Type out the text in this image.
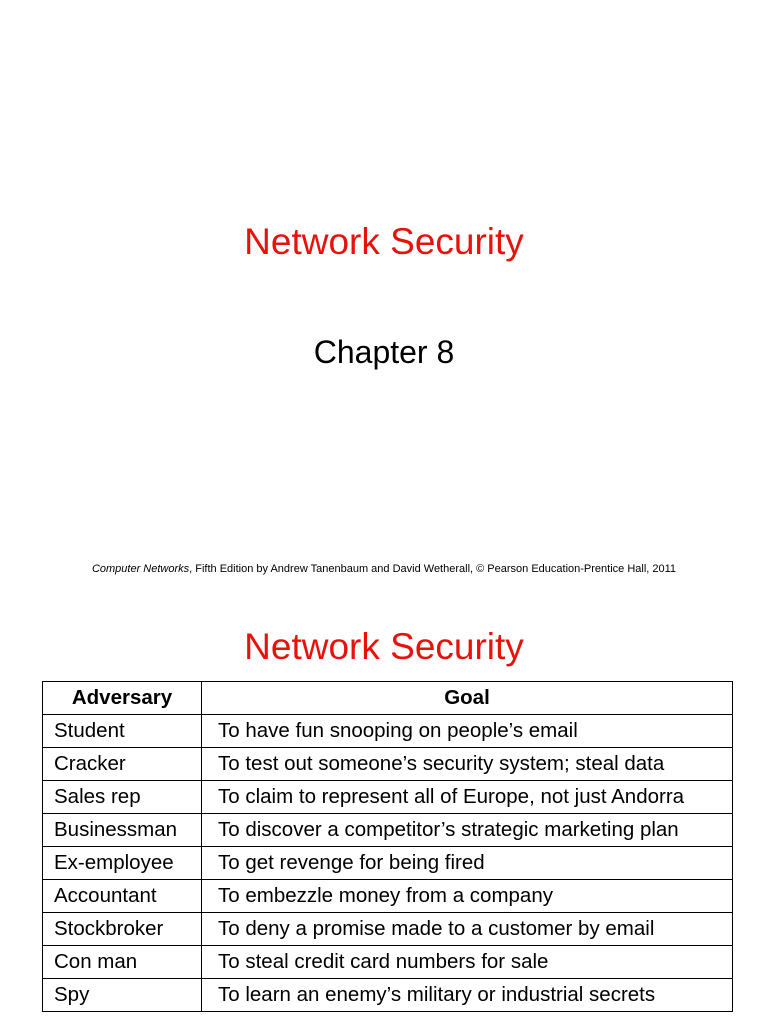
Network Security
Chapter 8
Computer Networks, Fifth Edition by Andrew Tanenbaum and David Wetherall, © Pearson Education-Prentice Hall, 2011
Network Security
Adversary	Goal
Student	To have fun snooping on people’s email
Cracker	To test out someone’s security system; steal data
Sales rep	To claim to represent all of Europe, not just Andorra
Businessman	To discover a competitor’s strategic marketing plan
Ex-employee	To get revenge for being fired
Accountant	To embezzle money from a company
Stockbroker	To deny a promise made to a customer by email
Con man	To steal credit card numbers for sale
Spy	To learn an enemy’s military or industrial secrets
